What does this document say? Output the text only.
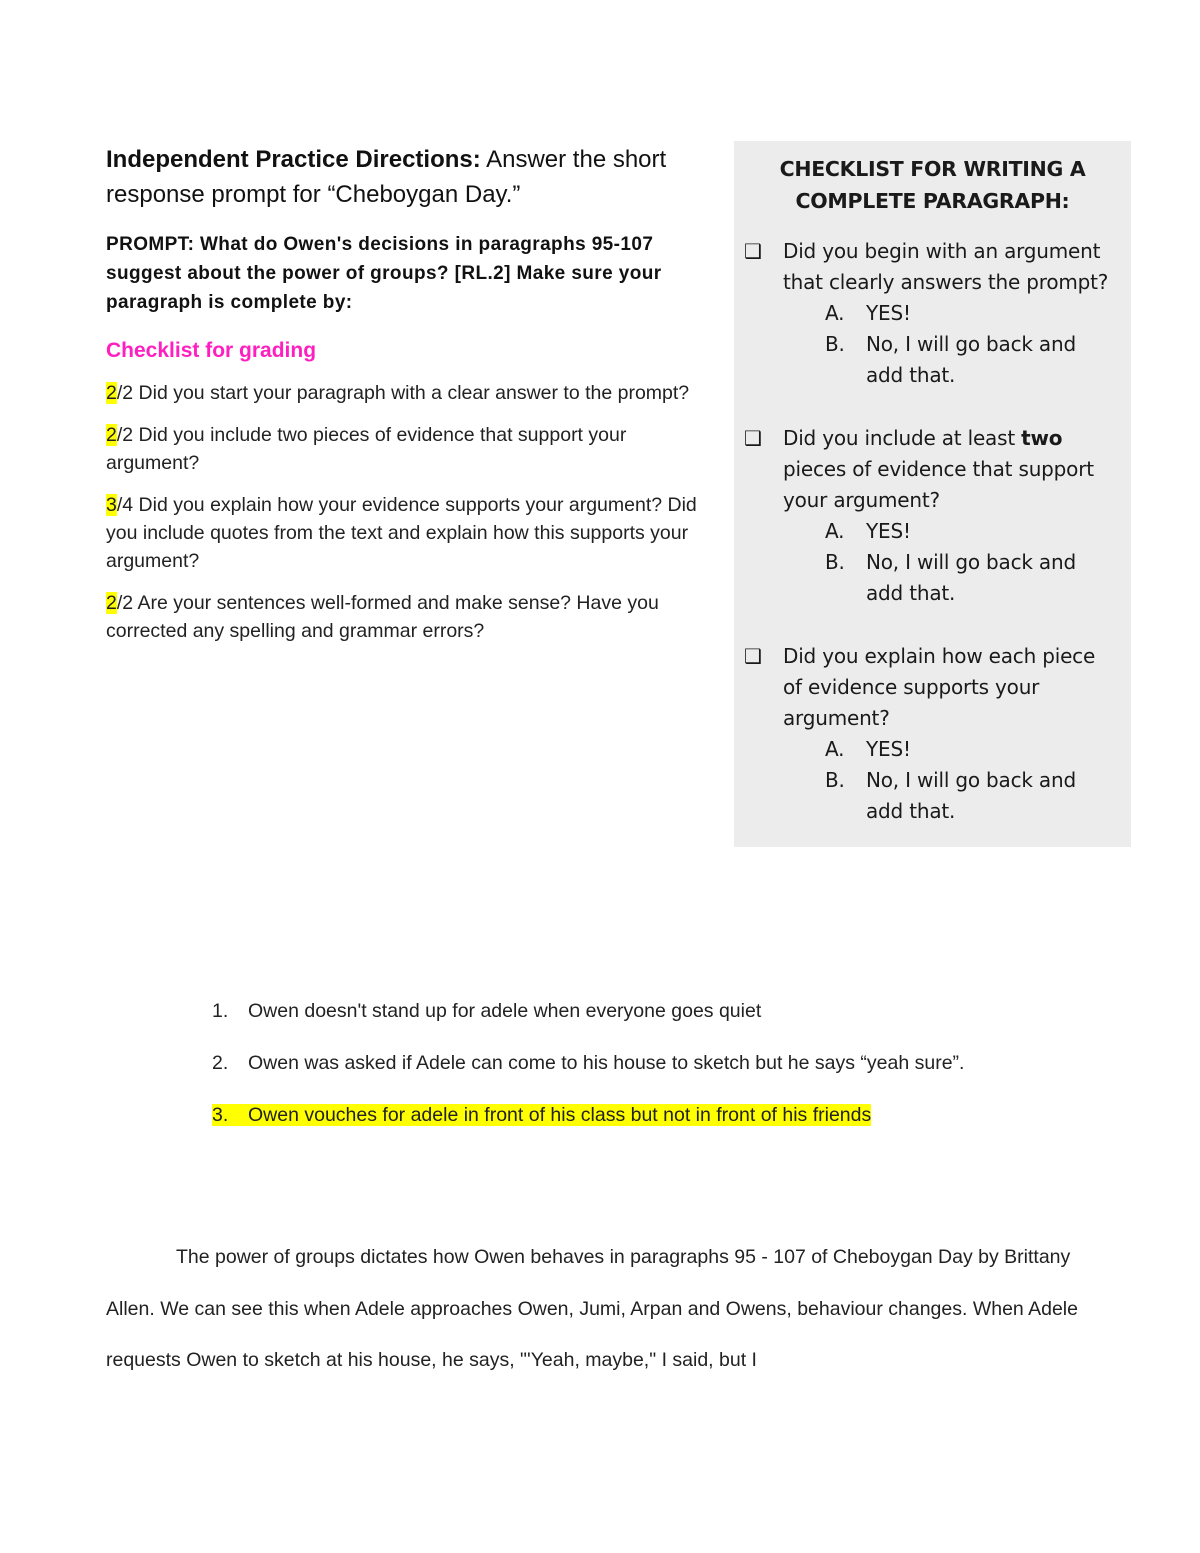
Independent Practice Directions: Answer the short response prompt for “Cheboygan Day.”

PROMPT: What do Owen's decisions in paragraphs 95-107 suggest about the power of groups? [RL.2] Make sure your paragraph is complete by:

Checklist for grading

2/2 Did you start your paragraph with a clear answer to the prompt?

2/2 Did you include two pieces of evidence that support your argument?

3/4 Did you explain how your evidence supports your argument? Did you include quotes from the text and explain how this supports your argument?

2/2 Are your sentences well-formed and make sense? Have you corrected any spelling and grammar errors?

CHECKLIST FOR WRITING A
COMPLETE PARAGRAPH:
❑ Did you begin with an argument
that clearly answers the prompt?
A. YES!
B. No, I will go back and
add that.
❑ Did you include at least two
pieces of evidence that support
your argument?
A. YES!
B. No, I will go back and
add that.
❑ Did you explain how each piece
of evidence supports your
argument?
A. YES!
B. No, I will go back and
add that.
1. Owen doesn't stand up for adele when everyone goes quiet
2. Owen was asked if Adele can come to his house to sketch but he says “yeah sure”.
3. Owen vouches for adele in front of his class but not in front of his friends

The power of groups dictates how Owen behaves in paragraphs 95 - 107 of Cheboygan Day by Brittany Allen. We can see this when Adele approaches Owen, Jumi, Arpan and Owens, behaviour changes. When Adele requests Owen to sketch at his house, he says, "'Yeah, maybe," I said, but I
